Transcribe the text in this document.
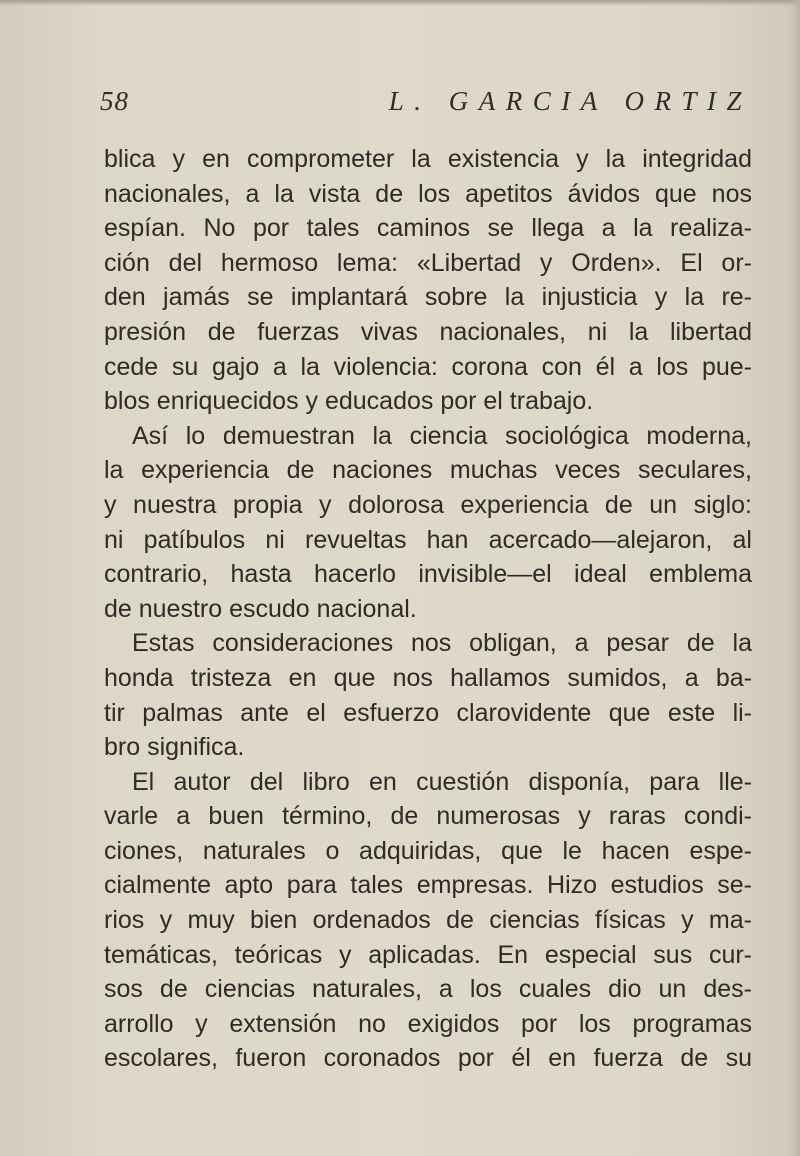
58	L. GARCIA ORTIZ
blica y en comprometer la existencia y la integridad
nacionales, a la vista de los apetitos ávidos que nos
espían. No por tales caminos se llega a la realiza-
ción del hermoso lema: «Libertad y Orden». El or-
den jamás se implantará sobre la injusticia y la re-
presión de fuerzas vivas nacionales, ni la libertad
cede su gajo a la violencia: corona con él a los pue-
blos enriquecidos y educados por el trabajo.
Así lo demuestran la ciencia sociológica moderna,
la experiencia de naciones muchas veces seculares,
y nuestra propia y dolorosa experiencia de un siglo:
ni patíbulos ni revueltas han acercado—alejaron, al
contrario, hasta hacerlo invisible—el ideal emblema
de nuestro escudo nacional.
Estas consideraciones nos obligan, a pesar de la
honda tristeza en que nos hallamos sumidos, a ba-
tir palmas ante el esfuerzo clarovidente que este li-
bro significa.
El autor del libro en cuestión disponía, para lle-
varle a buen término, de numerosas y raras condi-
ciones, naturales o adquiridas, que le hacen espe-
cialmente apto para tales empresas. Hizo estudios se-
rios y muy bien ordenados de ciencias físicas y ma-
temáticas, teóricas y aplicadas. En especial sus cur-
sos de ciencias naturales, a los cuales dio un des-
arrollo y extensión no exigidos por los programas
escolares, fueron coronados por él en fuerza de su
